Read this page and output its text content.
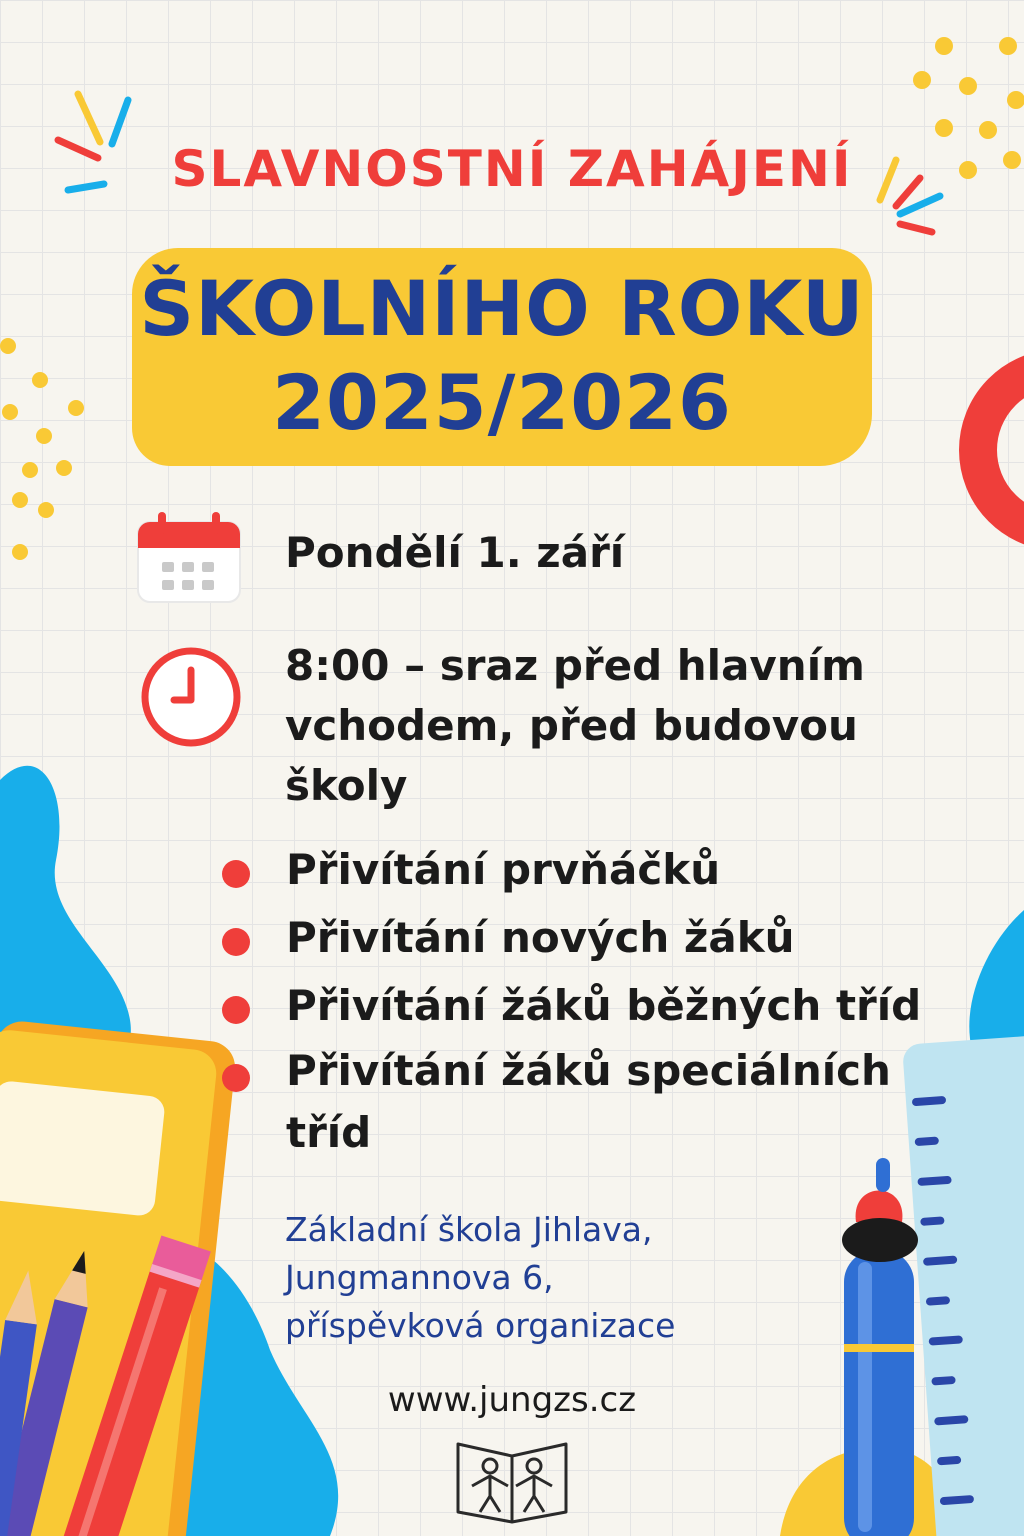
SLAVNOSTNÍ ZAHÁJENÍ
ŠKOLNÍHO ROKU
2025/2026
Pondělí 1. září
8:00 – sraz před hlavním vchodem, před budovou školy
Přivítání prvňáčků
Přivítání nových žáků
Přivítání žáků běžných tříd
Přivítání žáků speciálních tříd
Základní škola Jihlava,
Jungmannova 6,
příspěvková organizace
www.jungzs.cz
